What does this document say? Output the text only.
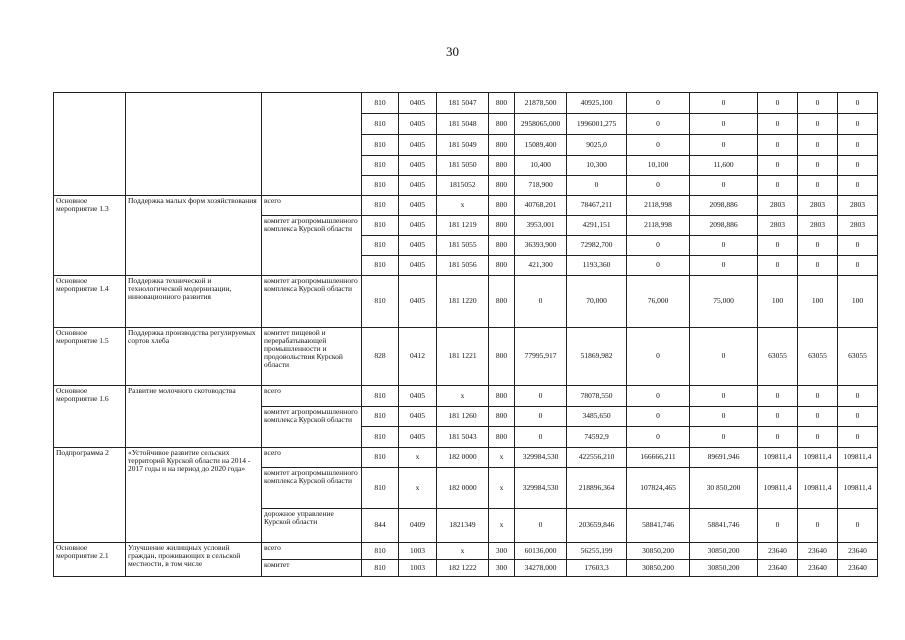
30
			810	0405	181 5047	800	21878,500	40925,100	0	0	0	0	0
			810	0405	181 5048	800	2958065,000	1996001,275	0	0	0	0	0
			810	0405	181 5049	800	15089,400	9025,0	0	0	0	0	0
			810	0405	181 5050	800	10,400	10,300	10,100	11,600	0	0	0
			810	0405	1815052	800	718,900	0	0	0	0	0	0
Основное мероприятие 1.3	Поддержка малых форм хозяйствования	всего	810	0405	x	800	40768,201	78467,211	2118,998	2098,886	2803	2803	2803
		комитет агропромышленного комплекса Курской области	810	0405	181 1219	800	3953,001	4291,151	2118,998	2098,886	2803	2803	2803
			810	0405	181 5055	800	36393,900	72982,700	0	0	0	0	0
			810	0405	181 5056	800	421,300	1193,360	0	0	0	0	0
Основное мероприятие 1.4	Поддержка технической и технологической модернизации, инновационного развития	комитет агропромышленного комплекса Курской области	810	0405	181 1220	800	0	70,000	76,000	75,000	100	100	100
Основное мероприятие 1.5	Поддержка производства регулируемых сортов хлеба	комитет пищевой и перерабатывающей промышленности и продовольствия Курской области	828	0412	181 1221	800	77995,917	51869,982	0	0	63055	63055	63055
Основное мероприятие 1.6	Развитие молочного скотоводства	всего	810	0405	x	800	0	78078,550	0	0	0	0	0
		комитет агропромышленного комплекса Курской области	810	0405	181 1260	800	0	3485,650	0	0	0	0	0
			810	0405	181 5043	800	0	74592,9	0	0	0	0	0
Подпрограмма 2	«Устойчивое развитие сельских территорий Курской области на 2014 - 2017 годы и на период до 2020 года»	всего	810	x	182 0000	x	329984,530	422556,210	166666,211	89691,946	109811,4	109811,4	109811,4
		комитет агропромышленного комплекса Курской области	810	x	182 0000	x	329984,530	218896,364	107824,465	30 850,200	109811,4	109811,4	109811,4
		дорожное управление Курской области	844	0409	1821349	x	0	203659,846	58841,746	58841,746	0	0	0
Основное мероприятие 2.1	Улучшение жилищных условий граждан, проживающих в сельской местности, в том числе	всего	810	1003	x	300	60136,000	56255,199	30850,200	30850,200	23640	23640	23640
		комитет	810	1003	182 1222	300	34278,000	17603,3	30850,200	30850,200	23640	23640	23640
